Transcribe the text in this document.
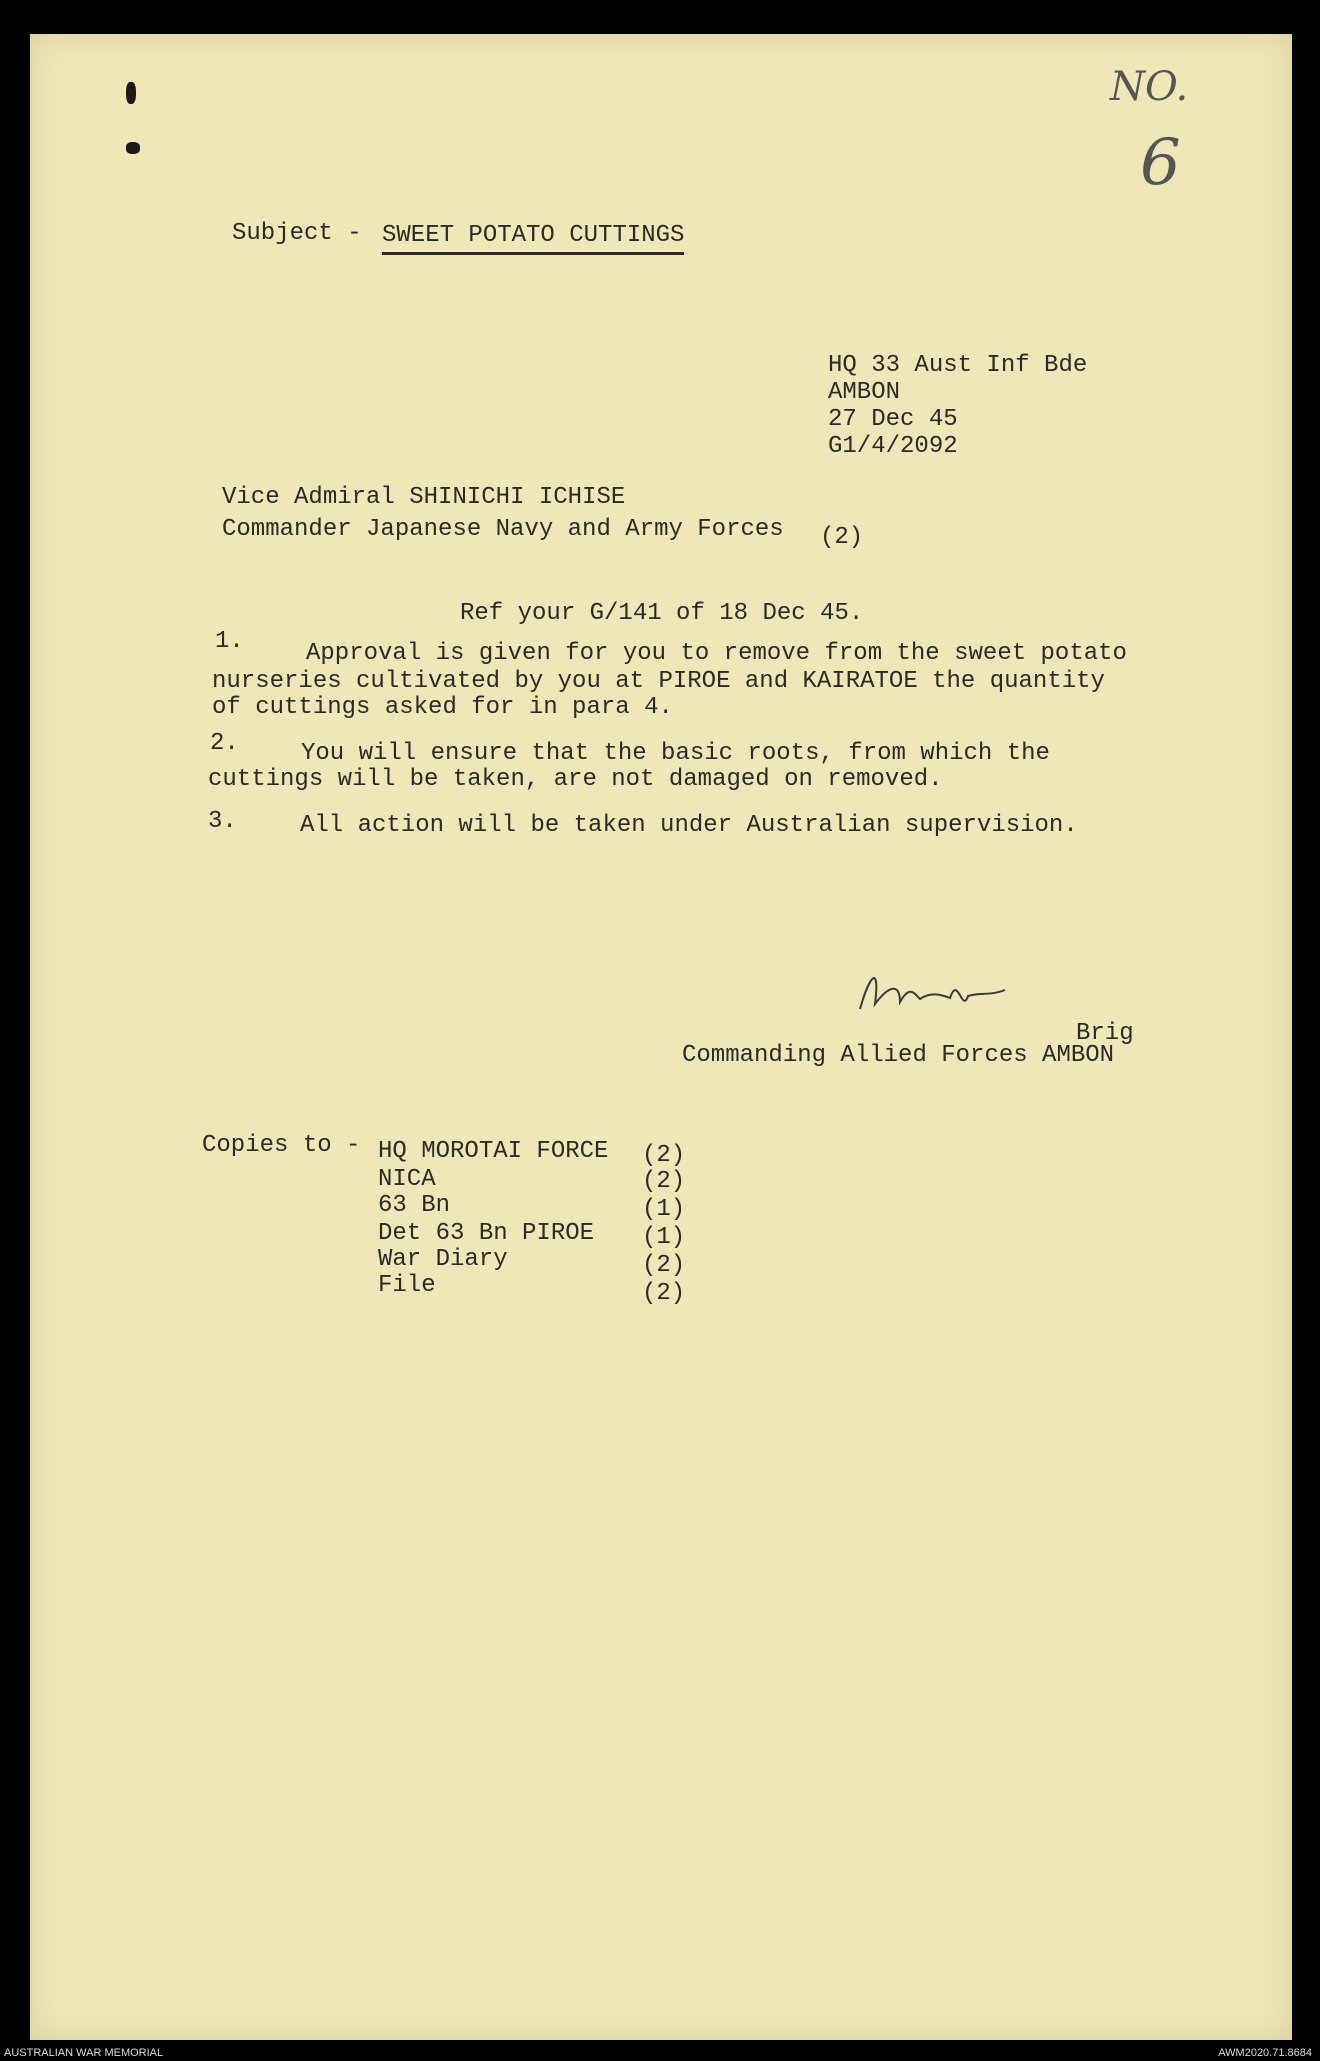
NO.
6
Subject - SWEET POTATO CUTTINGS
HQ 33 Aust Inf Bde
AMBON
27 Dec 45
G1/4/2092
Vice Admiral SHINICHI ICHISE
Commander Japanese Navy and Army Forces (2)
Ref your G/141 of 18 Dec 45.
1.	Approval is given for you to remove from the sweet potato
nurseries cultivated by you at PIROE and KAIRATOE the quantity
of cuttings asked for in para 4.
2.	You will ensure that the basic roots, from which the
cuttings will be taken, are not damaged on removed.
3.	All action will be taken under Australian supervision.
Brig
Commanding Allied Forces AMBON
Copies to - HQ MOROTAI FORCE (2)
NICA	(2)
63 Bn	(1)
Det 63 Bn PIROE (1)
War Diary	(2)
File	(2)
AUSTRALIAN WAR MEMORIAL	AWM2020.71.8684
